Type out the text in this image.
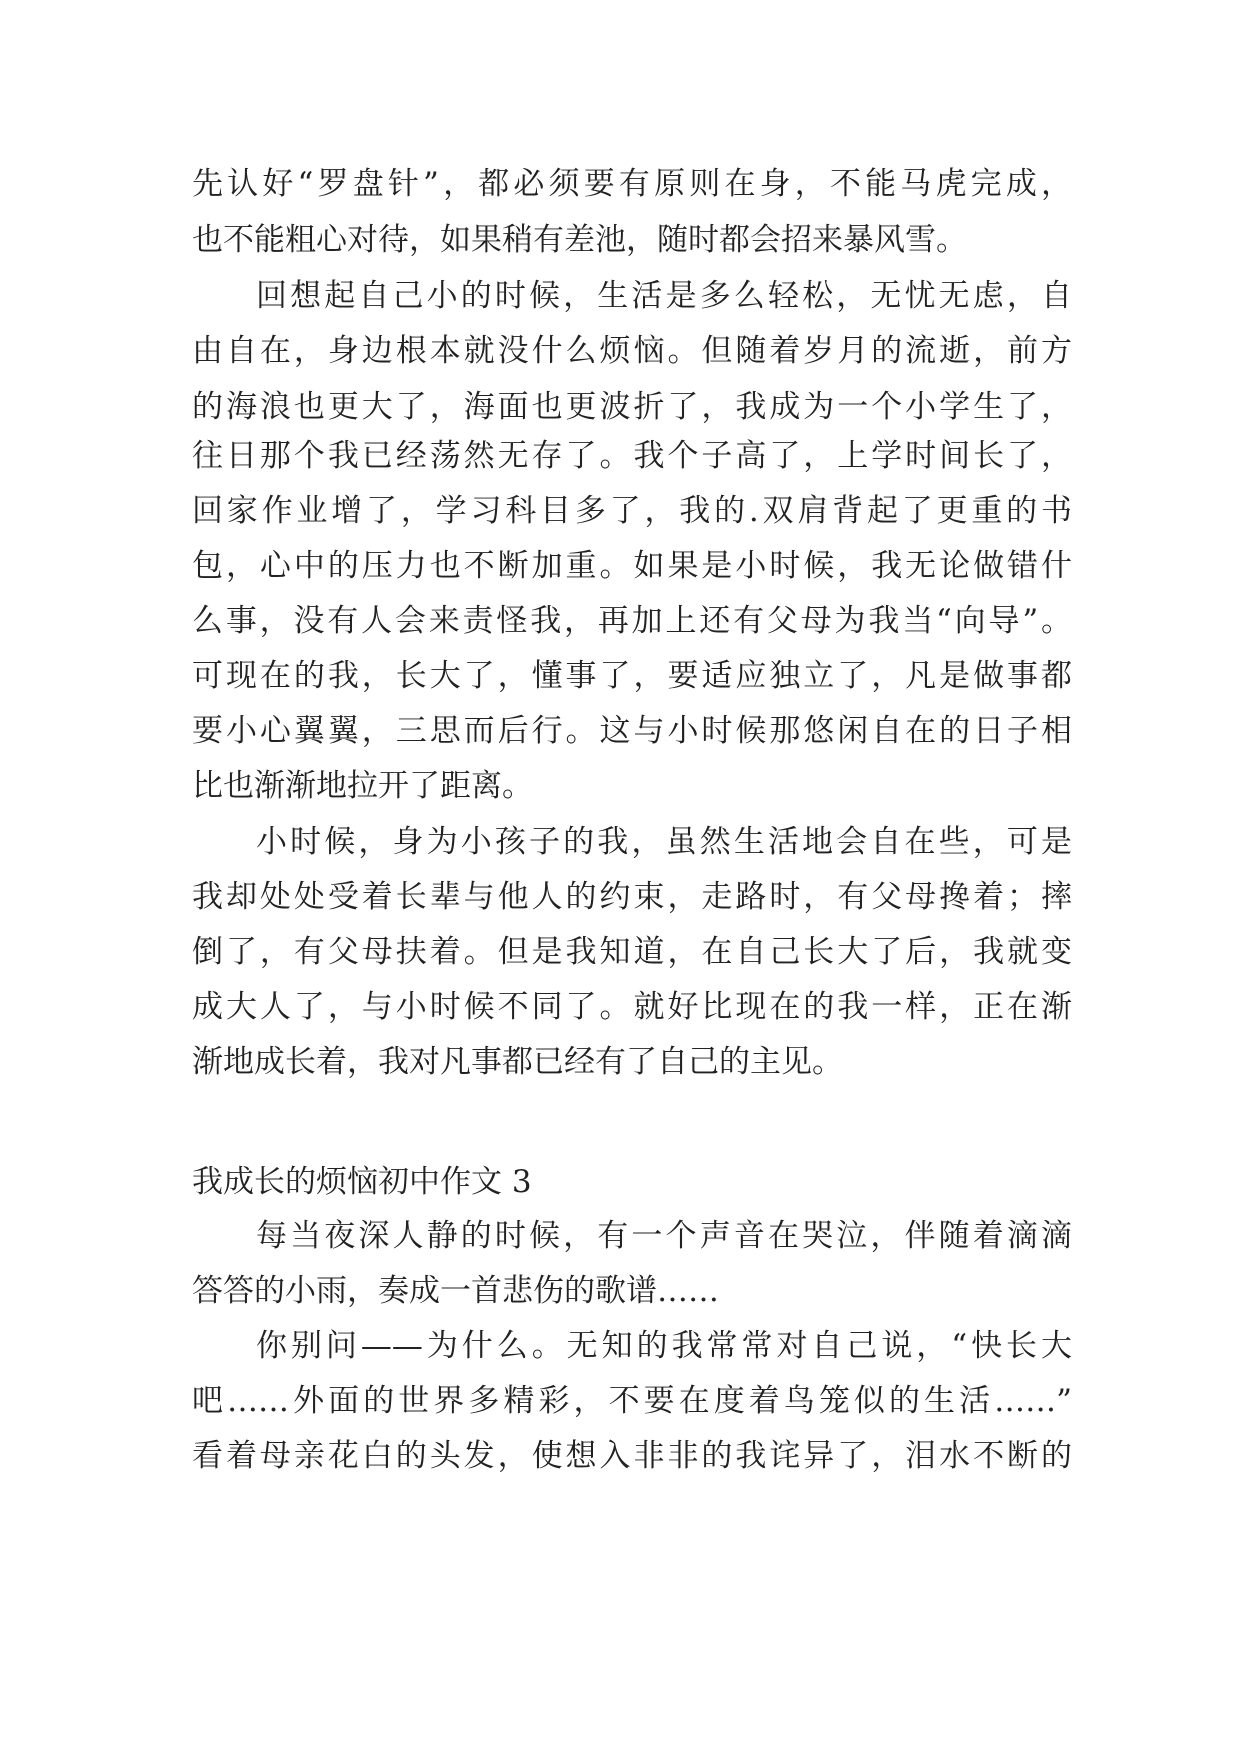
先认好“罗盘针”，都必须要有原则在身，不能马虎完成，
也不能粗心对待，如果稍有差池，随时都会招来暴风雪。
回想起自己小的时候，生活是多么轻松，无忧无虑，自
由自在，身边根本就没什么烦恼。但随着岁月的流逝，前方
的海浪也更大了，海面也更波折了，我成为一个小学生了，
往日那个我已经荡然无存了。我个子高了，上学时间长了，
回家作业增了，学习科目多了，我的.双肩背起了更重的书
包，心中的压力也不断加重。如果是小时候，我无论做错什
么事，没有人会来责怪我，再加上还有父母为我当“向导”。
可现在的我，长大了，懂事了，要适应独立了，凡是做事都
要小心翼翼，三思而后行。这与小时候那悠闲自在的日子相
比也渐渐地拉开了距离。
小时候，身为小孩子的我，虽然生活地会自在些，可是
我却处处受着长辈与他人的约束，走路时，有父母搀着；摔
倒了，有父母扶着。但是我知道，在自己长大了后，我就变
成大人了，与小时候不同了。就好比现在的我一样，正在渐
渐地成长着，我对凡事都已经有了自己的主见。
我成长的烦恼初中作文 3
每当夜深人静的时候，有一个声音在哭泣，伴随着滴滴
答答的小雨，奏成一首悲伤的歌谱……
你别问——为什么。无知的我常常对自己说，“快长大
吧……外面的世界多精彩，不要在度着鸟笼似的生活……”
看着母亲花白的头发，使想入非非的我诧异了，泪水不断的
